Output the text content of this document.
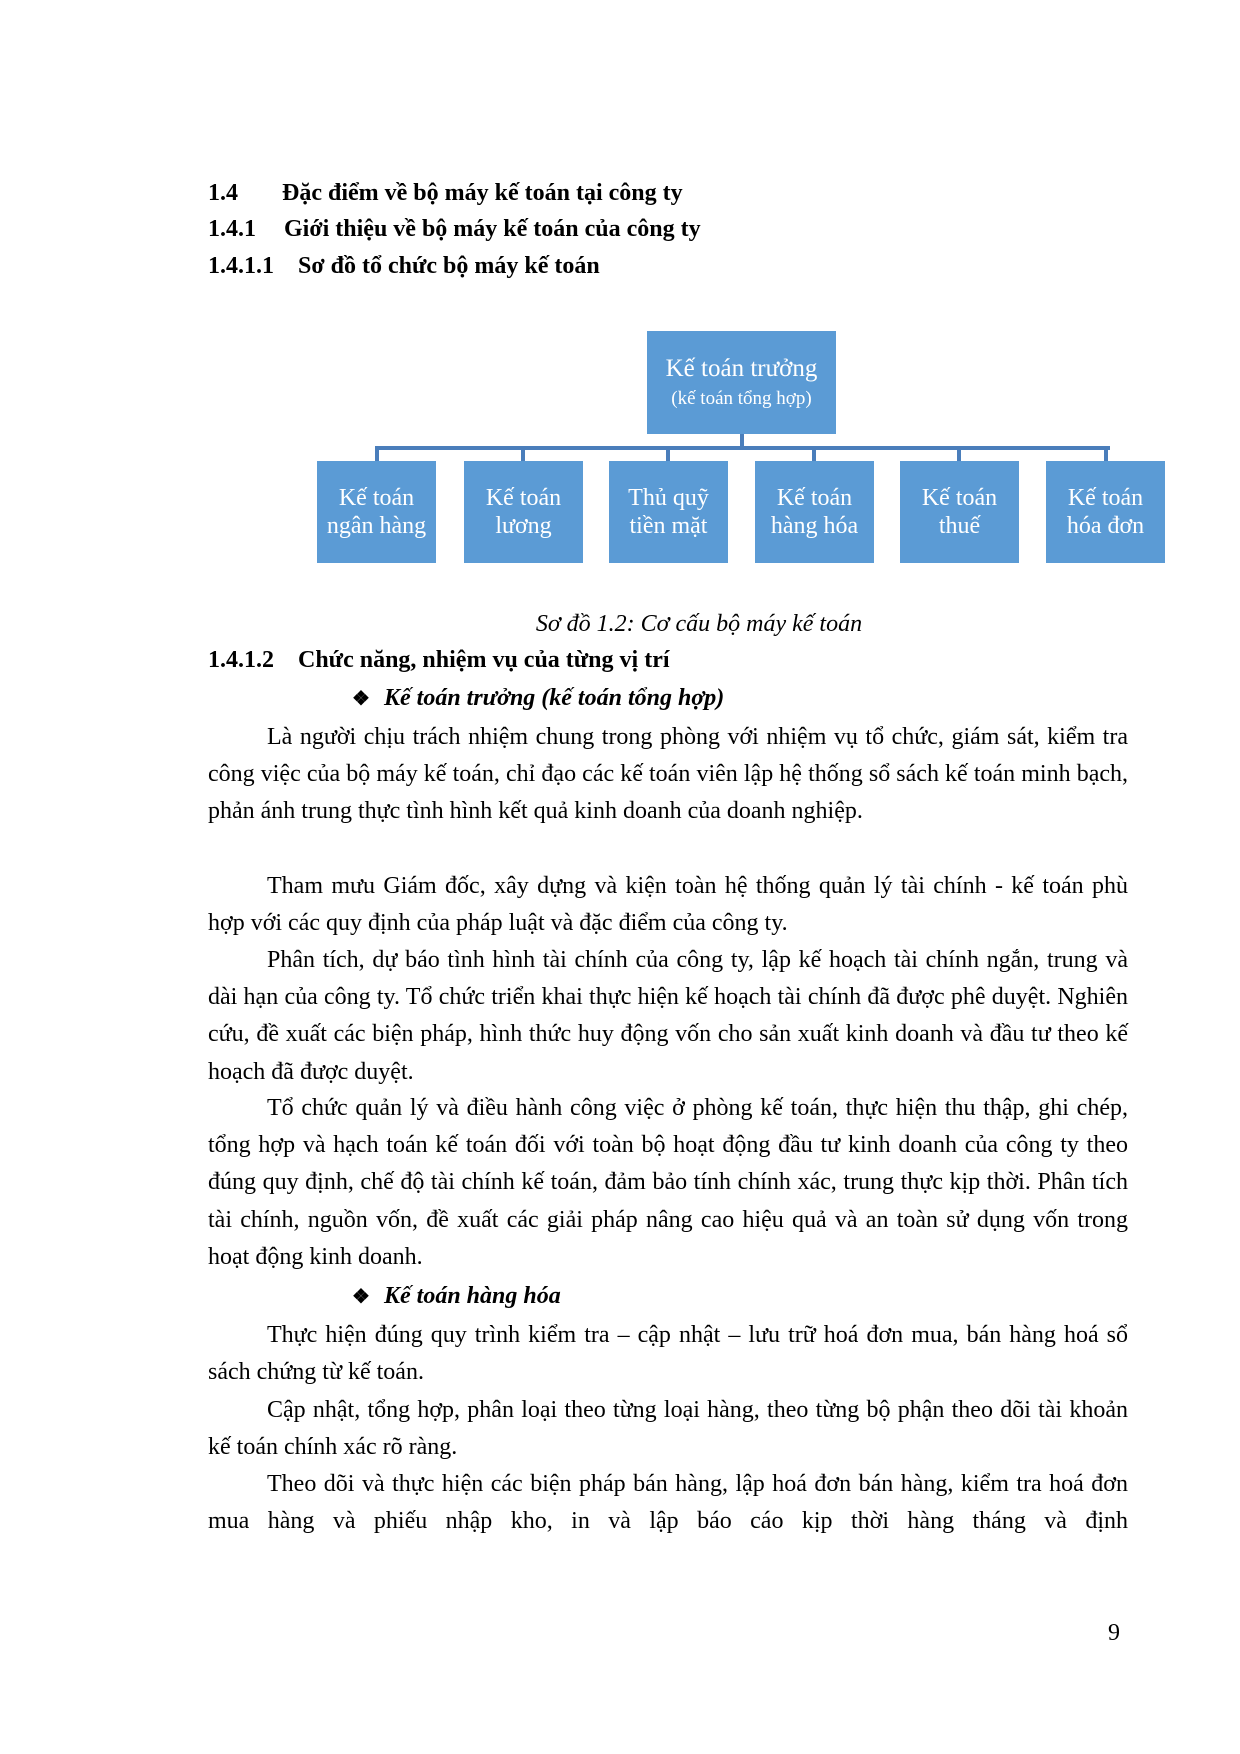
1.4 Đặc điểm về bộ máy kế toán tại công ty
1.4.1 Giới thiệu về bộ máy kế toán của công ty
1.4.1.1 Sơ đồ tổ chức bộ máy kế toán
Kế toán trưởng
(kế toán tổng hợp)
Kế toán
ngân hàng
Kế toán
lương
Thủ quỹ
tiền mặt
Kế toán
hàng hóa
Kế toán
thuế
Kế toán
hóa đơn
Sơ đồ 1.2: Cơ cấu bộ máy kế toán
1.4.1.2 Chức năng, nhiệm vụ của từng vị trí
❖ Kế toán trưởng (kế toán tổng hợp)

Là người chịu trách nhiệm chung trong phòng với nhiệm vụ tổ chức, giám sát, kiểm tra công việc của bộ máy kế toán, chỉ đạo các kế toán viên lập hệ thống sổ sách kế toán minh bạch, phản ánh trung thực tình hình kết quả kinh doanh của doanh nghiệp.

Tham mưu Giám đốc, xây dựng và kiện toàn hệ thống quản lý tài chính - kế toán phù hợp với các quy định của pháp luật và đặc điểm của công ty.

Phân tích, dự báo tình hình tài chính của công ty, lập kế hoạch tài chính ngắn, trung và dài hạn của công ty. Tổ chức triển khai thực hiện kế hoạch tài chính đã được phê duyệt. Nghiên cứu, đề xuất các biện pháp, hình thức huy động vốn cho sản xuất kinh doanh và đầu tư theo kế hoạch đã được duyệt.

Tổ chức quản lý và điều hành công việc ở phòng kế toán, thực hiện thu thập, ghi chép, tổng hợp và hạch toán kế toán đối với toàn bộ hoạt động đầu tư kinh doanh của công ty theo đúng quy định, chế độ tài chính kế toán, đảm bảo tính chính xác, trung thực kịp thời. Phân tích tài chính, nguồn vốn, đề xuất các giải pháp nâng cao hiệu quả và an toàn sử dụng vốn trong hoạt động kinh doanh.

❖ Kế toán hàng hóa

Thực hiện đúng quy trình kiểm tra – cập nhật – lưu trữ hoá đơn mua, bán hàng hoá sổ sách chứng từ kế toán.

Cập nhật, tổng hợp, phân loại theo từng loại hàng, theo từng bộ phận theo dõi tài khoản kế toán chính xác rõ ràng.

Theo dõi và thực hiện các biện pháp bán hàng, lập hoá đơn bán hàng, kiểm tra hoá đơn mua hàng và phiếu nhập kho, in và lập báo cáo kịp thời hàng tháng và định

9
